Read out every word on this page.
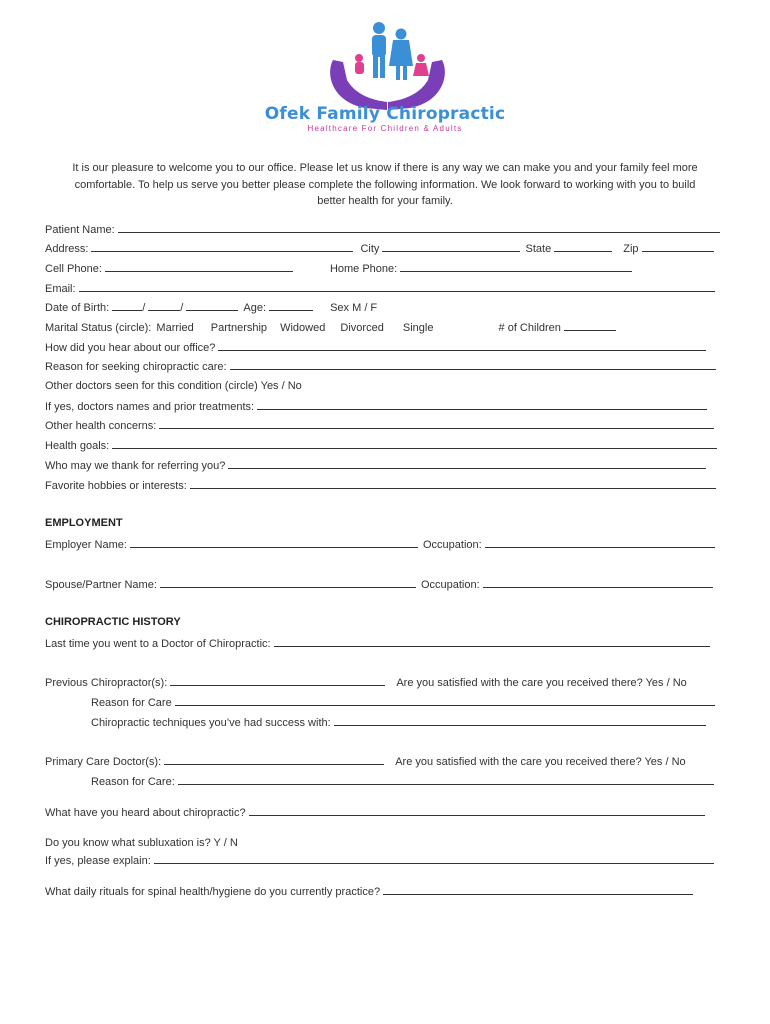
Ofek Family Chiropractic
Healthcare For Children & Adults

It is our pleasure to welcome you to our office. Please let us know if there is any way we can make you and your family feel more

comfortable. To help us serve you better please complete the following information. We look forward to working with you to build

better health for your family.

Patient Name:
Address:	City	State	Zip
Cell Phone:	Home Phone:
Email:
Date of Birth:	/	/	Age:	Sex M / F
Marital Status (circle): Married Partnership Widowed Divorced Single	# of Children
How did you hear about our office?
Reason for seeking chiropractic care:
Other doctors seen for this condition (circle) Yes / No
If yes, doctors names and prior treatments:
Other health concerns:
Health goals:
Who may we thank for referring you?
Favorite hobbies or interests:
EMPLOYMENT
Employer Name:	Occupation:
Spouse/Partner Name:	Occupation:
CHIROPRACTIC HISTORY
Last time you went to a Doctor of Chiropractic:
Previous Chiropractor(s):	Are you satisfied with the care you received there? Yes / No
Reason for Care
Chiropractic techniques you’ve had success with:
Primary Care Doctor(s):	Are you satisfied with the care you received there? Yes / No
Reason for Care:
What have you heard about chiropractic?
Do you know what subluxation is? Y / N
If yes, please explain:
What daily rituals for spinal health/hygiene do you currently practice?
